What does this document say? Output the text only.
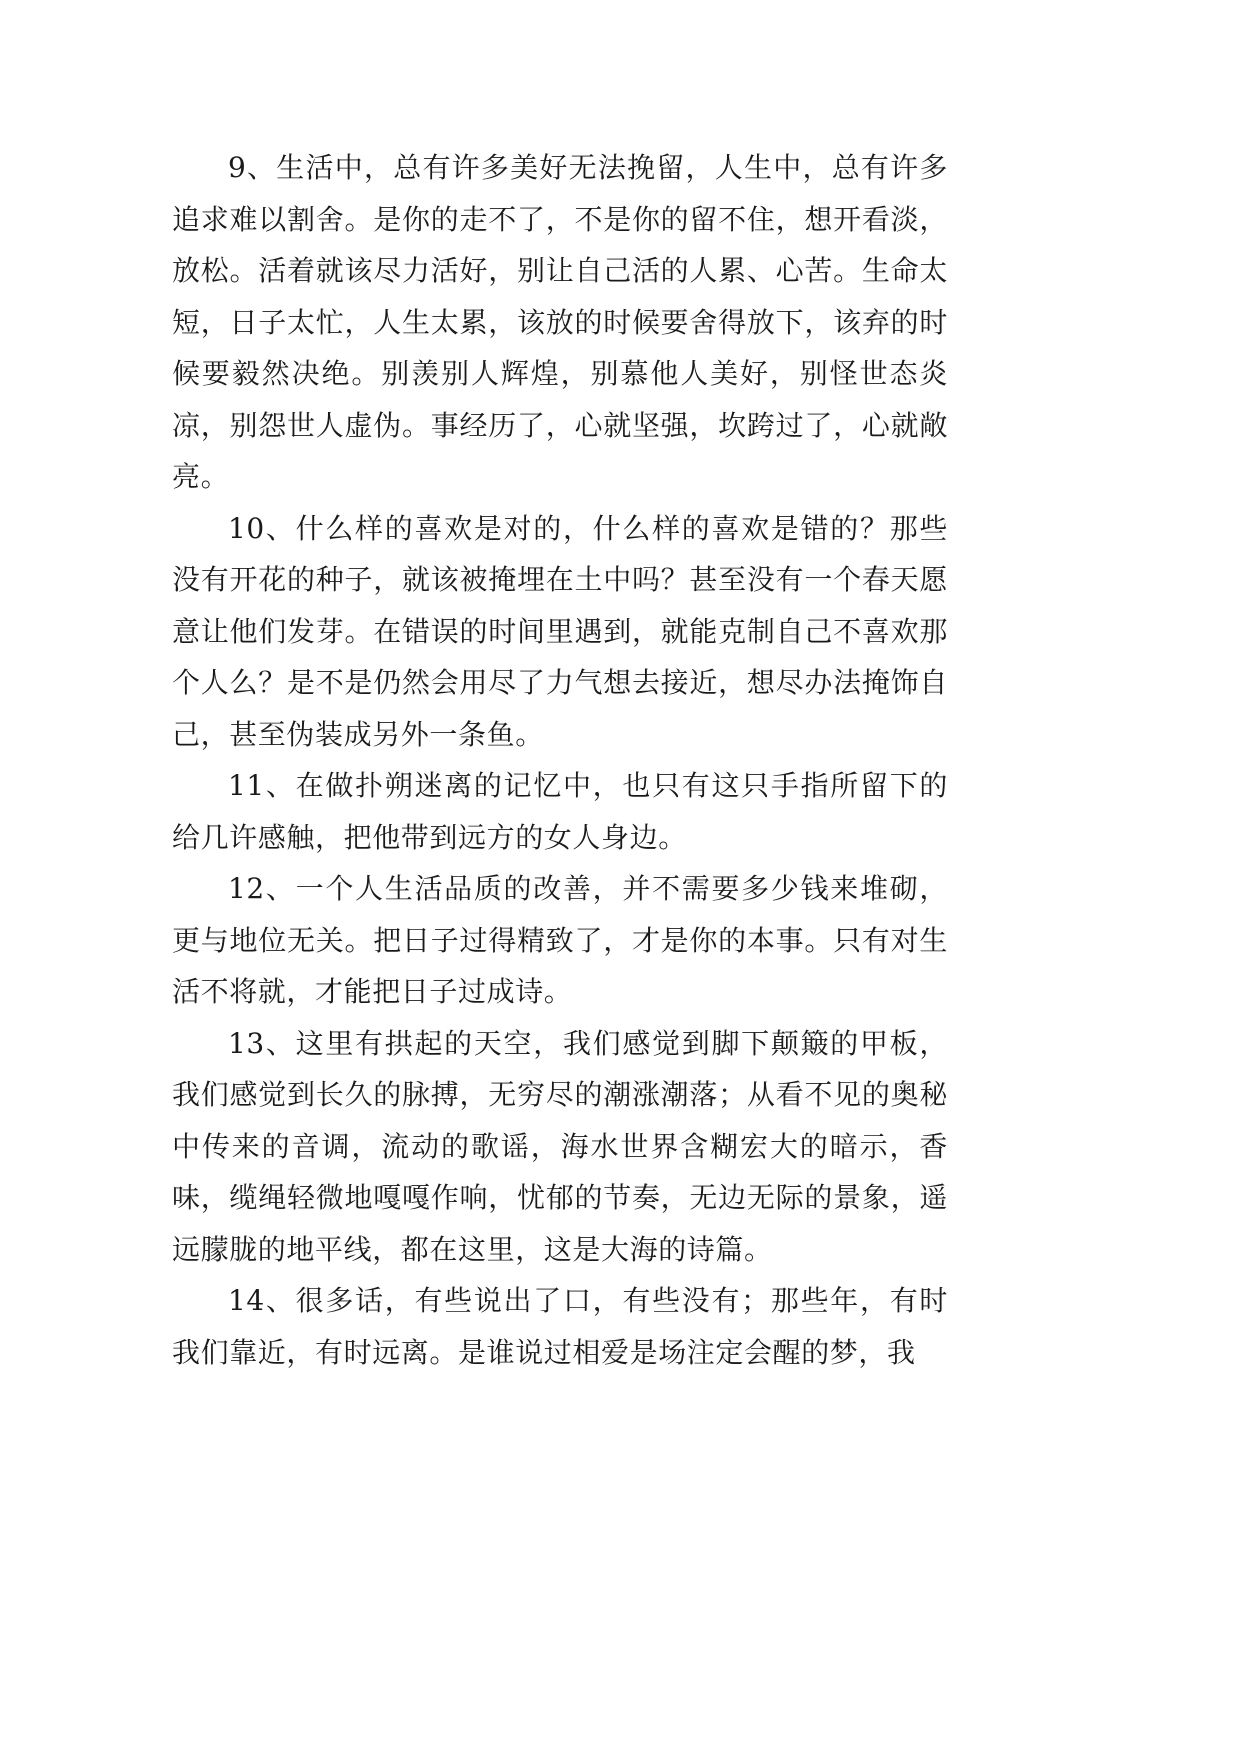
9、生活中，总有许多美好无法挽留，人生中，总有许多追求难以割舍。是你的走不了，不是你的留不住，想开看淡，放松。活着就该尽力活好，别让自己活的人累、心苦。生命太短，日子太忙，人生太累，该放的时候要舍得放下，该弃的时候要毅然决绝。别羡别人辉煌，别慕他人美好，别怪世态炎凉，别怨世人虚伪。事经历了，心就坚强，坎跨过了，心就敞亮。

10、什么样的喜欢是对的，什么样的喜欢是错的？那些没有开花的种子，就该被掩埋在土中吗？甚至没有一个春天愿意让他们发芽。在错误的时间里遇到，就能克制自己不喜欢那个人么？是不是仍然会用尽了力气想去接近，想尽办法掩饰自己，甚至伪装成另外一条鱼。

11、在做扑朔迷离的记忆中，也只有这只手指所留下的给几许感触，把他带到远方的女人身边。

12、一个人生活品质的改善，并不需要多少钱来堆砌，更与地位无关。把日子过得精致了，才是你的本事。只有对生活不将就，才能把日子过成诗。

13、这里有拱起的天空，我们感觉到脚下颠簸的甲板，我们感觉到长久的脉搏，无穷尽的潮涨潮落；从看不见的奥秘中传来的音调，流动的歌谣，海水世界含糊宏大的暗示，香味，缆绳轻微地嘎嘎作响，忧郁的节奏，无边无际的景象，遥远朦胧的地平线，都在这里，这是大海的诗篇。

14、很多话，有些说出了口，有些没有；那些年，有时我们靠近，有时远离。是谁说过相爱是场注定会醒的梦，我
